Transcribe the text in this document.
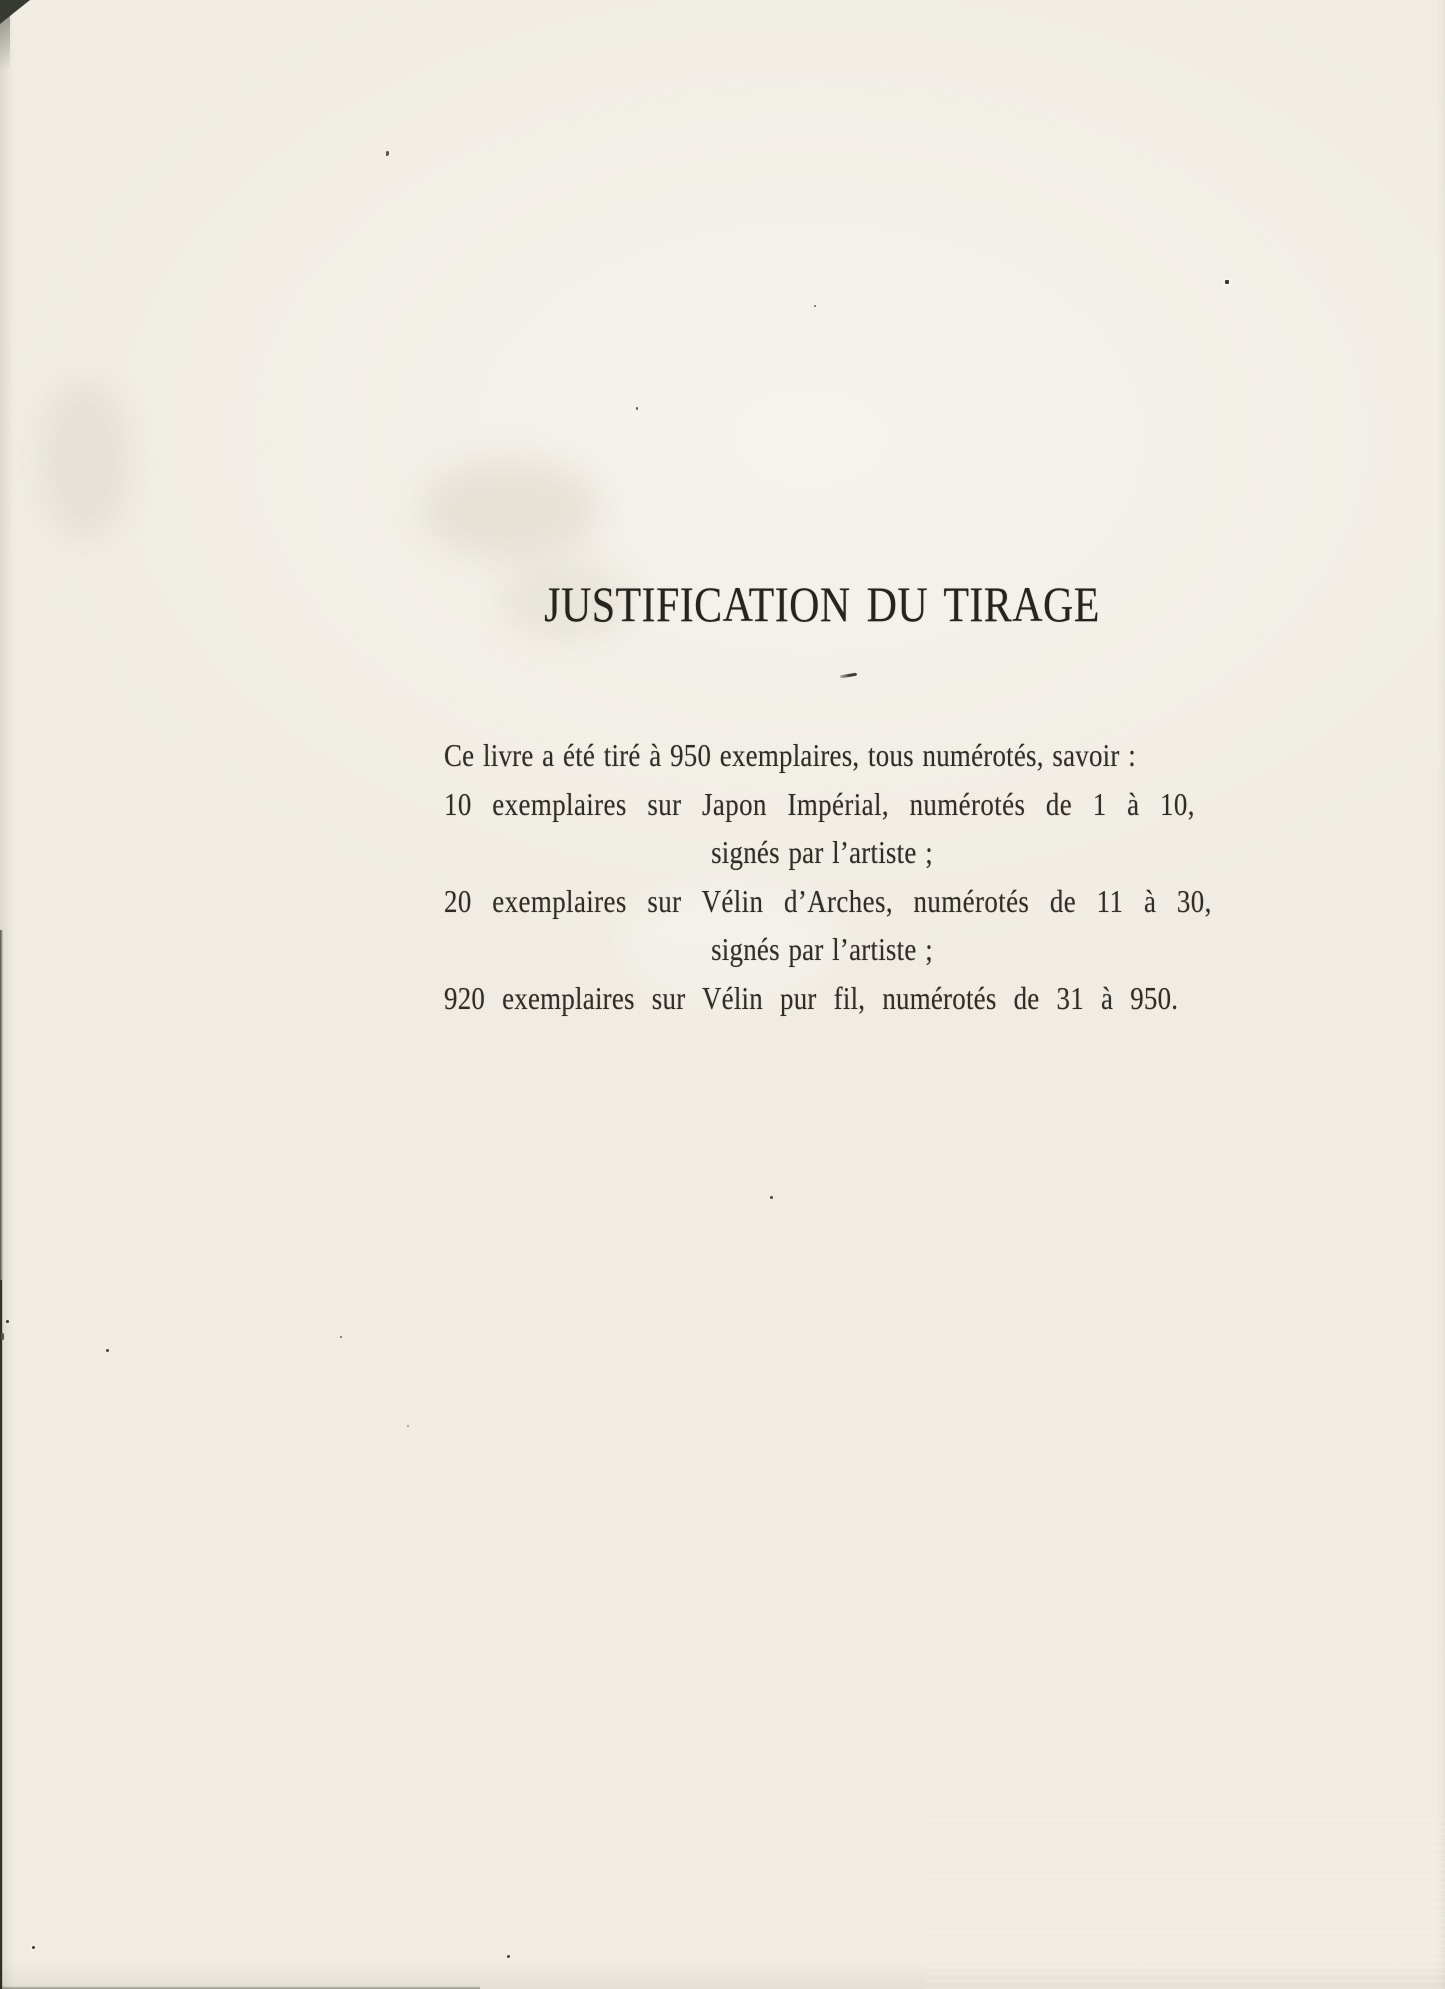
JUSTIFICATION DU TIRAGE

Ce livre a été tiré à 950 exemplaires, tous numérotés, savoir :

10 exemplaires sur Japon Impérial, numérotés de 1 à 10,

signés par l’artiste ;

20 exemplaires sur Vélin d’Arches, numérotés de 11 à 30,

signés par l’artiste ;

920 exemplaires sur Vélin pur fil, numérotés de 31 à 950.
